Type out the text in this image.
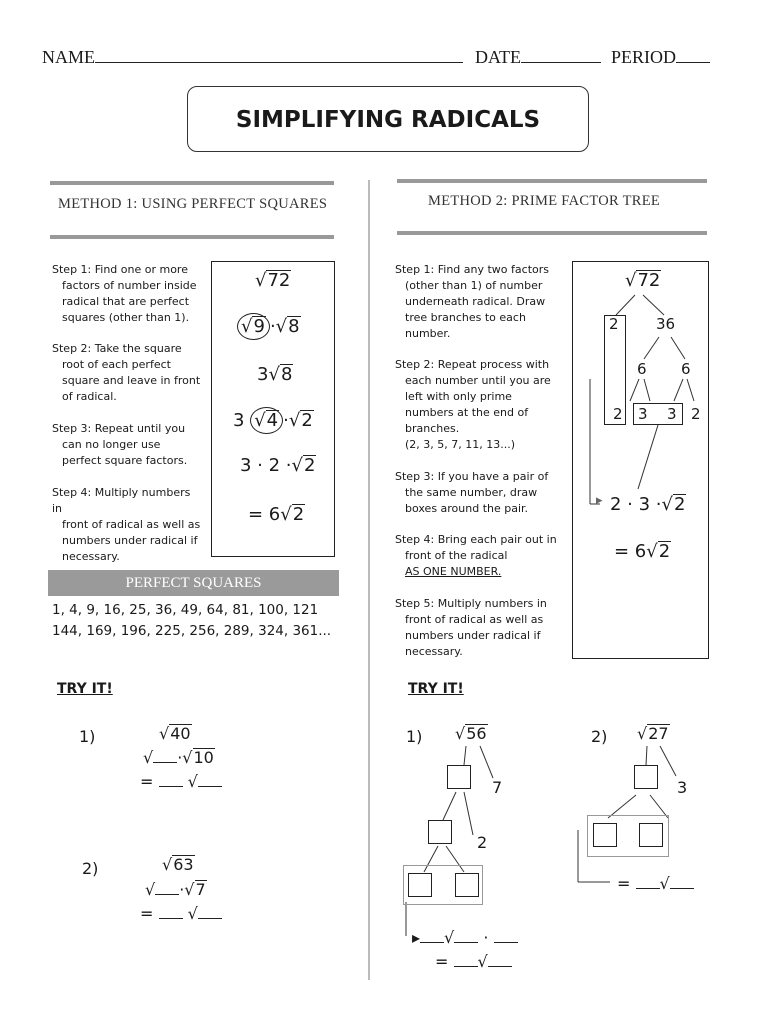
NAME	DATE	PERIOD
SIMPLIFYING RADICALS
METHOD 1: USING PERFECT SQUARES
Step 1: Find one or more
factors of number inside
radical that are perfect
squares (other than 1).
Step 2: Take the square
root of each perfect
square and leave in front
of radical.
Step 3: Repeat until you
can no longer use
perfect square factors.
Step 4: Multiply numbers in
front of radical as well as
numbers under radical if
necessary.
√72
√9 ·√8
3√8
3 √4 ·√2
3 · 2 ·√2
= 6√2
PERFECT SQUARES
1, 4, 9, 16, 25, 36, 49, 64, 81, 100, 121
144, 169, 196, 225, 256, 289, 324, 361...
TRY IT!
1)	√40
√ ·√10
=  √
2)	√63
√ ·√7
=  √
METHOD 2: PRIME FACTOR TREE
Step 1: Find any two factors
(other than 1) of number
underneath radical. Draw
tree branches to each
number.
Step 2: Repeat process with
each number until you are
left with only prime
numbers at the end of
branches.
(2, 3, 5, 7, 11, 13...)
Step 3: If you have a pair of
the same number, draw
boxes around the pair.
Step 4: Bring each pair out in
front of the radical
AS ONE NUMBER.
Step 5: Multiply numbers in
front of radical as well as
numbers under radical if
necessary.
√72
2 36
6 6
2 3 3 2
▸ 2 · 3 ·√2
= 6√2
TRY IT!
1) √56	2) √27
7
2
▸ √ ·
= √
3
= √
